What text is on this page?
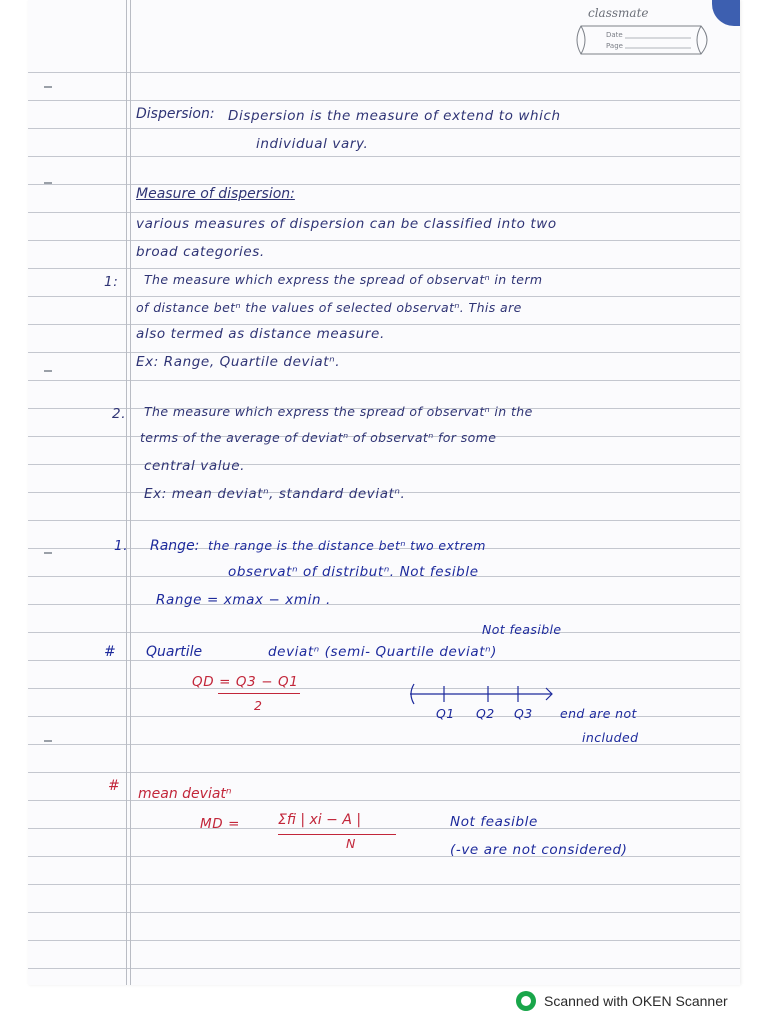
classmate
Date
Page
Dispersion: Dispersion is the measure of extend to which
individual vary.
Measure of dispersion:
various measures of dispersion can be classified into two
broad categories.
1: The measure which express the spread of observatⁿ in term
of distance betⁿ the values of selected observatⁿ. This are
also termed as distance measure.
Ex: Range, Quartile deviatⁿ.
2. The measure which express the spread of observatⁿ in the
terms of the average of deviatⁿ of observatⁿ for some
central value.
Ex: mean deviatⁿ, standard deviatⁿ.
1. Range: the range is the distance betⁿ two extrem
observatⁿ of distributⁿ. Not fesible
Range = xmax − xmin .
Not feasible
# Quartile	deviatⁿ (semi- Quartile deviatⁿ)
QD = Q3 − Q1
2
Q1 Q2 Q3 end are not
included
# mean deviatⁿ
MD =	Σfi | xi − A |
N
Not feasible
(-ve are not considered)
Scanned with OKEN Scanner
